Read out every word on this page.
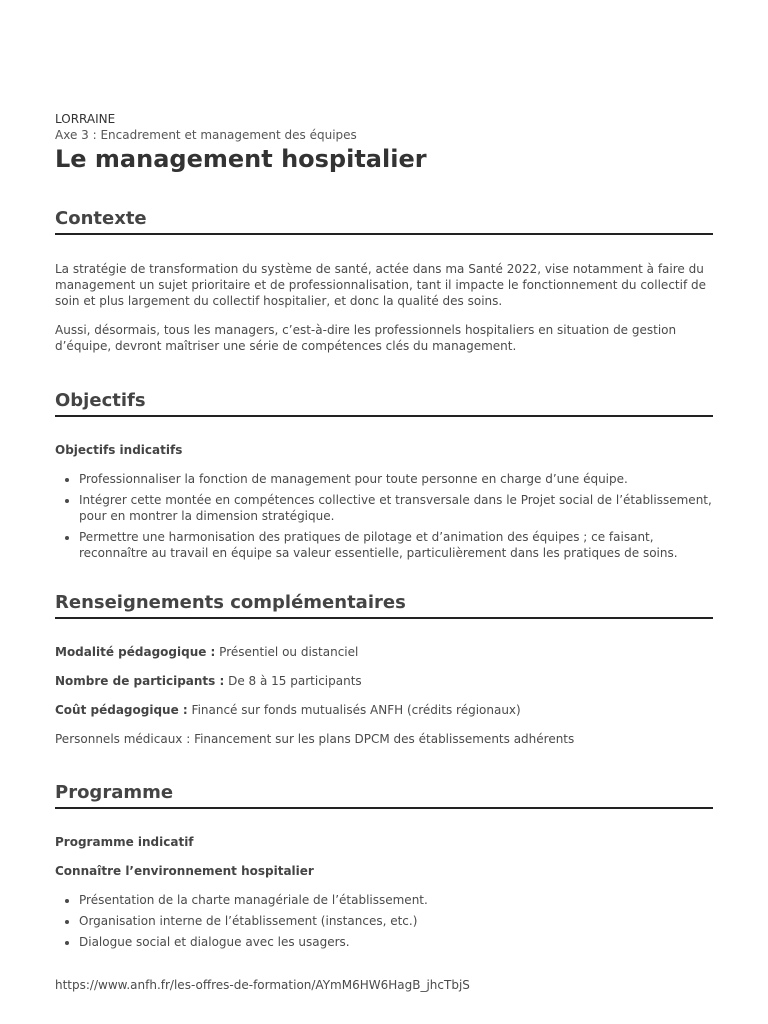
LORRAINE
Axe 3 : Encadrement et management des équipes
Le management hospitalier
Contexte

La stratégie de transformation du système de santé, actée dans ma Santé 2022, vise notamment à faire du management un sujet prioritaire et de professionnalisation, tant il impacte le fonctionnement du collectif de soin et plus largement du collectif hospitalier, et donc la qualité des soins.

Aussi, désormais, tous les managers, c’est-à-dire les professionnels hospitaliers en situation de gestion d’équipe, devront maîtriser une série de compétences clés du management.

Objectifs

Objectifs indicatifs

• Professionnaliser la fonction de management pour toute personne en charge d’une équipe.
• Intégrer cette montée en compétences collective et transversale dans le Projet social de l’établissement, pour en montrer la dimension stratégique.
• Permettre une harmonisation des pratiques de pilotage et d’animation des équipes ; ce faisant, reconnaître au travail en équipe sa valeur essentielle, particulièrement dans les pratiques de soins.
Renseignements complémentaires

Modalité pédagogique : Présentiel ou distanciel

Nombre de participants : De 8 à 15 participants

Coût pédagogique : Financé sur fonds mutualisés ANFH (crédits régionaux)

Personnels médicaux : Financement sur les plans DPCM des établissements adhérents

Programme

Programme indicatif

Connaître l’environnement hospitalier

• Présentation de la charte managériale de l’établissement.
• Organisation interne de l’établissement (instances, etc.)
• Dialogue social et dialogue avec les usagers.
https://www.anfh.fr/les-offres-de-formation/AYmM6HW6HagB_jhcTbjS
